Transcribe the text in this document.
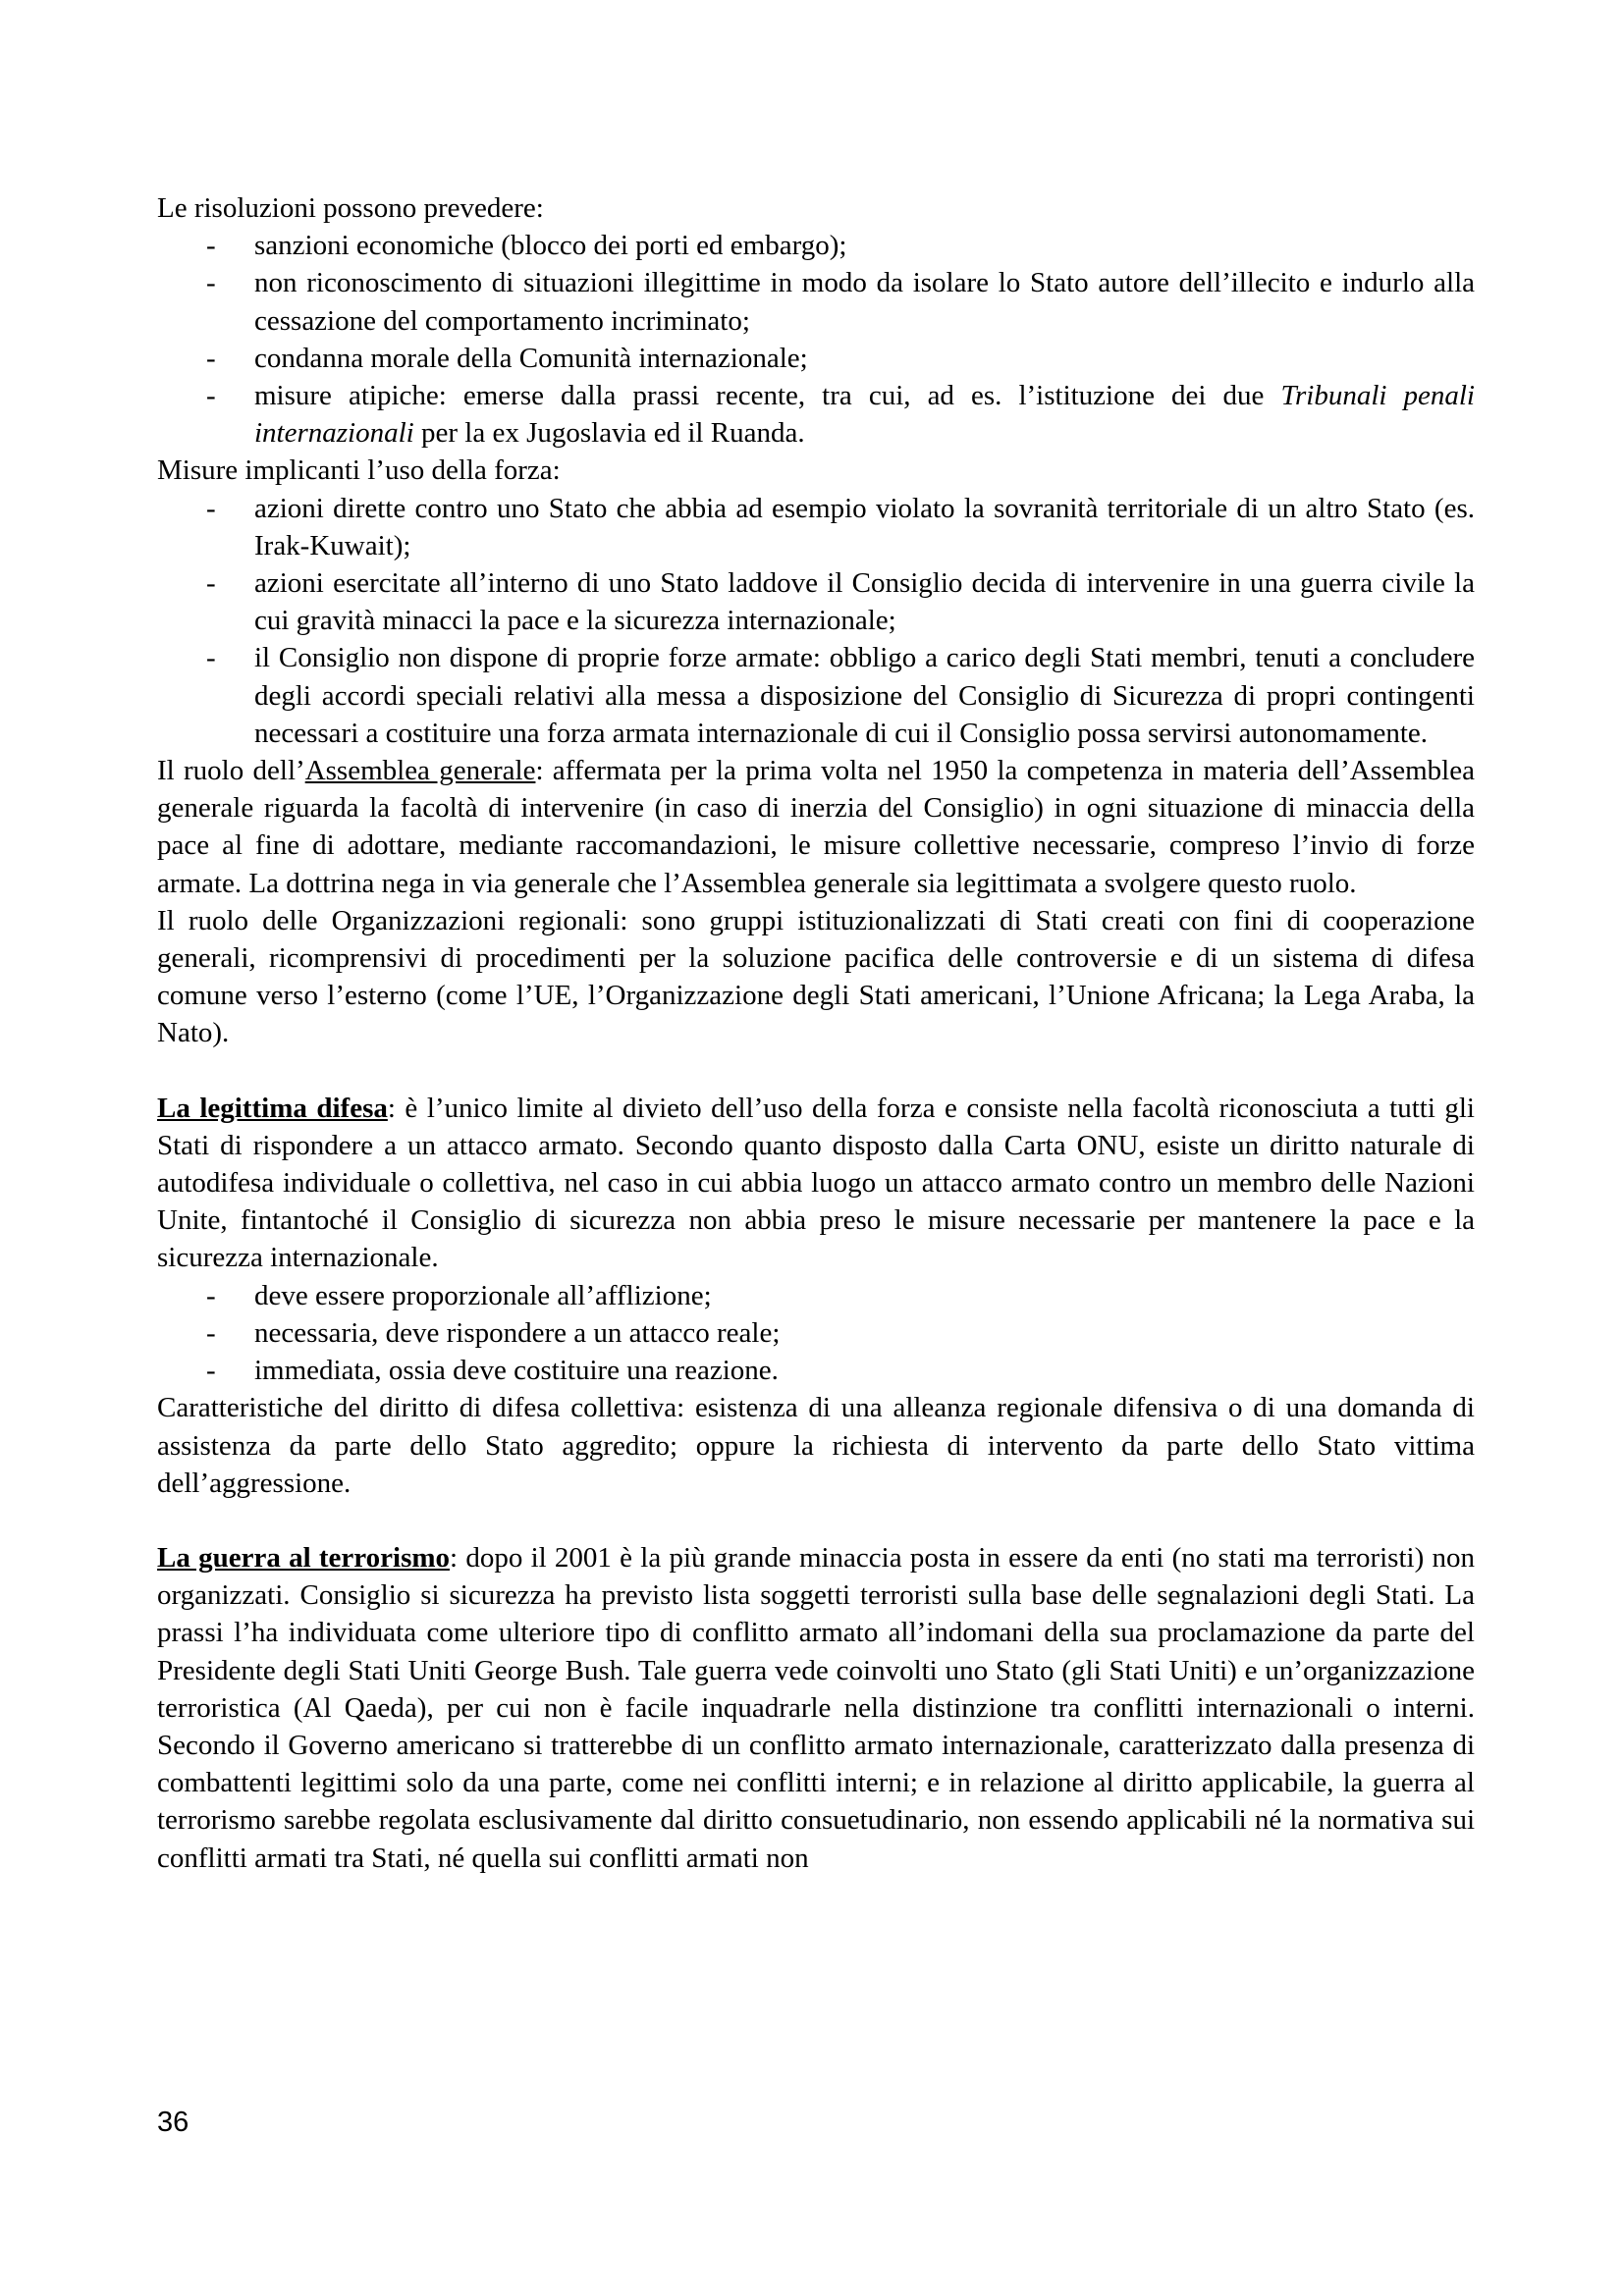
Le risoluzioni possono prevedere:

- sanzioni economiche (blocco dei porti ed embargo);
- non riconoscimento di situazioni illegittime in modo da isolare lo Stato autore dell’illecito e indurlo alla cessazione del comportamento incriminato;
- condanna morale della Comunità internazionale;
- misure atipiche: emerse dalla prassi recente, tra cui, ad es. l’istituzione dei due Tribunali penali internazionali per la ex Jugoslavia ed il Ruanda.

Misure implicanti l’uso della forza:

- azioni dirette contro uno Stato che abbia ad esempio violato la sovranità territoriale di un altro Stato (es. Irak-Kuwait);
- azioni esercitate all’interno di uno Stato laddove il Consiglio decida di intervenire in una guerra civile la cui gravità minacci la pace e la sicurezza internazionale;
- il Consiglio non dispone di proprie forze armate: obbligo a carico degli Stati membri, tenuti a concludere degli accordi speciali relativi alla messa a disposizione del Consiglio di Sicurezza di propri contingenti necessari a costituire una forza armata internazionale di cui il Consiglio possa servirsi autonomamente.

Il ruolo dell’Assemblea generale: affermata per la prima volta nel 1950 la competenza in materia dell’Assemblea generale riguarda la facoltà di intervenire (in caso di inerzia del Consiglio) in ogni situazione di minaccia della pace al fine di adottare, mediante raccomandazioni, le misure collettive necessarie, compreso l’invio di forze armate. La dottrina nega in via generale che l’Assemblea generale sia legittimata a svolgere questo ruolo.

Il ruolo delle Organizzazioni regionali: sono gruppi istituzionalizzati di Stati creati con fini di cooperazione generali, ricomprensivi di procedimenti per la soluzione pacifica delle controversie e di un sistema di difesa comune verso l’esterno (come l’UE, l’Organizzazione degli Stati americani, l’Unione Africana; la Lega Araba, la Nato).

La legittima difesa: è l’unico limite al divieto dell’uso della forza e consiste nella facoltà riconosciuta a tutti gli Stati di rispondere a un attacco armato. Secondo quanto disposto dalla Carta ONU, esiste un diritto naturale di autodifesa individuale o collettiva, nel caso in cui abbia luogo un attacco armato contro un membro delle Nazioni Unite, fintantoché il Consiglio di sicurezza non abbia preso le misure necessarie per mantenere la pace e la sicurezza internazionale.

- deve essere proporzionale all’afflizione;
- necessaria, deve rispondere a un attacco reale;
- immediata, ossia deve costituire una reazione.

Caratteristiche del diritto di difesa collettiva: esistenza di una alleanza regionale difensiva o di una domanda di assistenza da parte dello Stato aggredito; oppure la richiesta di intervento da parte dello Stato vittima dell’aggressione.

La guerra al terrorismo: dopo il 2001 è la più grande minaccia posta in essere da enti (no stati ma terroristi) non organizzati. Consiglio si sicurezza ha previsto lista soggetti terroristi sulla base delle segnalazioni degli Stati. La prassi l’ha individuata come ulteriore tipo di conflitto armato all’indomani della sua proclamazione da parte del Presidente degli Stati Uniti George Bush. Tale guerra vede coinvolti uno Stato (gli Stati Uniti) e un’organizzazione terroristica (Al Qaeda), per cui non è facile inquadrarle nella distinzione tra conflitti internazionali o interni. Secondo il Governo americano si tratterebbe di un conflitto armato internazionale, caratterizzato dalla presenza di combattenti legittimi solo da una parte, come nei conflitti interni; e in relazione al diritto applicabile, la guerra al terrorismo sarebbe regolata esclusivamente dal diritto consuetudinario, non essendo applicabili né la normativa sui conflitti armati tra Stati, né quella sui conflitti armati non

36
